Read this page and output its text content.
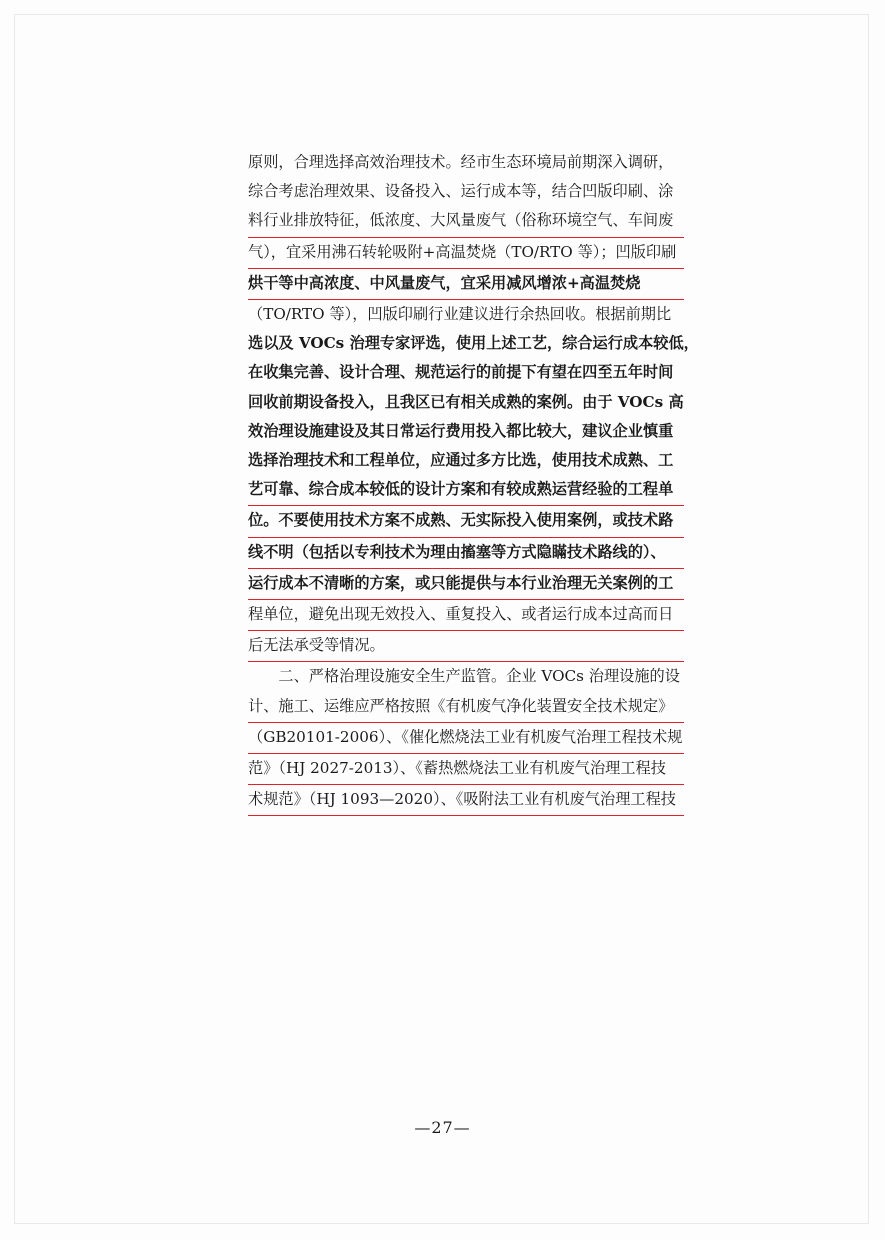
原则，合理选择高效治理技术。经市生态环境局前期深入调研，
综合考虑治理效果、设备投入、运行成本等，结合凹版印刷、涂
料行业排放特征，低浓度、大风量废气（俗称环境空气、车间废
气），宜采用沸石转轮吸附+高温焚烧（TO/RTO 等）；凹版印刷
烘干等中高浓度、中风量废气，宜采用减风增浓+高温焚烧
（TO/RTO 等），凹版印刷行业建议进行余热回收。根据前期比
选以及 VOCs 治理专家评选，使用上述工艺，综合运行成本较低，
在收集完善、设计合理、规范运行的前提下有望在四至五年时间
回收前期设备投入，且我区已有相关成熟的案例。由于 VOCs 高
效治理设施建设及其日常运行费用投入都比较大，建议企业慎重
选择治理技术和工程单位，应通过多方比选，使用技术成熟、工
艺可靠、综合成本较低的设计方案和有较成熟运营经验的工程单
位。不要使用技术方案不成熟、无实际投入使用案例，或技术路
线不明（包括以专利技术为理由搐塞等方式隐瞞技术路线的）、
运行成本不清晰的方案，或只能提供与本行业治理无关案例的工
程单位，避免出现无效投入、重复投入、或者运行成本过高而日
后无法承受等情况。

二、严格治理设施安全生产监管。企业 VOCs 治理设施的设
计、施工、运维应严格按照《有机废气净化装置安全技术规定》
（GB20101-2006）、《催化燃烧法工业有机废气治理工程技术规
范》（HJ 2027-2013）、《蓄热燃烧法工业有机废气治理工程技
术规范》（HJ 1093—2020）、《吸附法工业有机废气治理工程技

—27—
